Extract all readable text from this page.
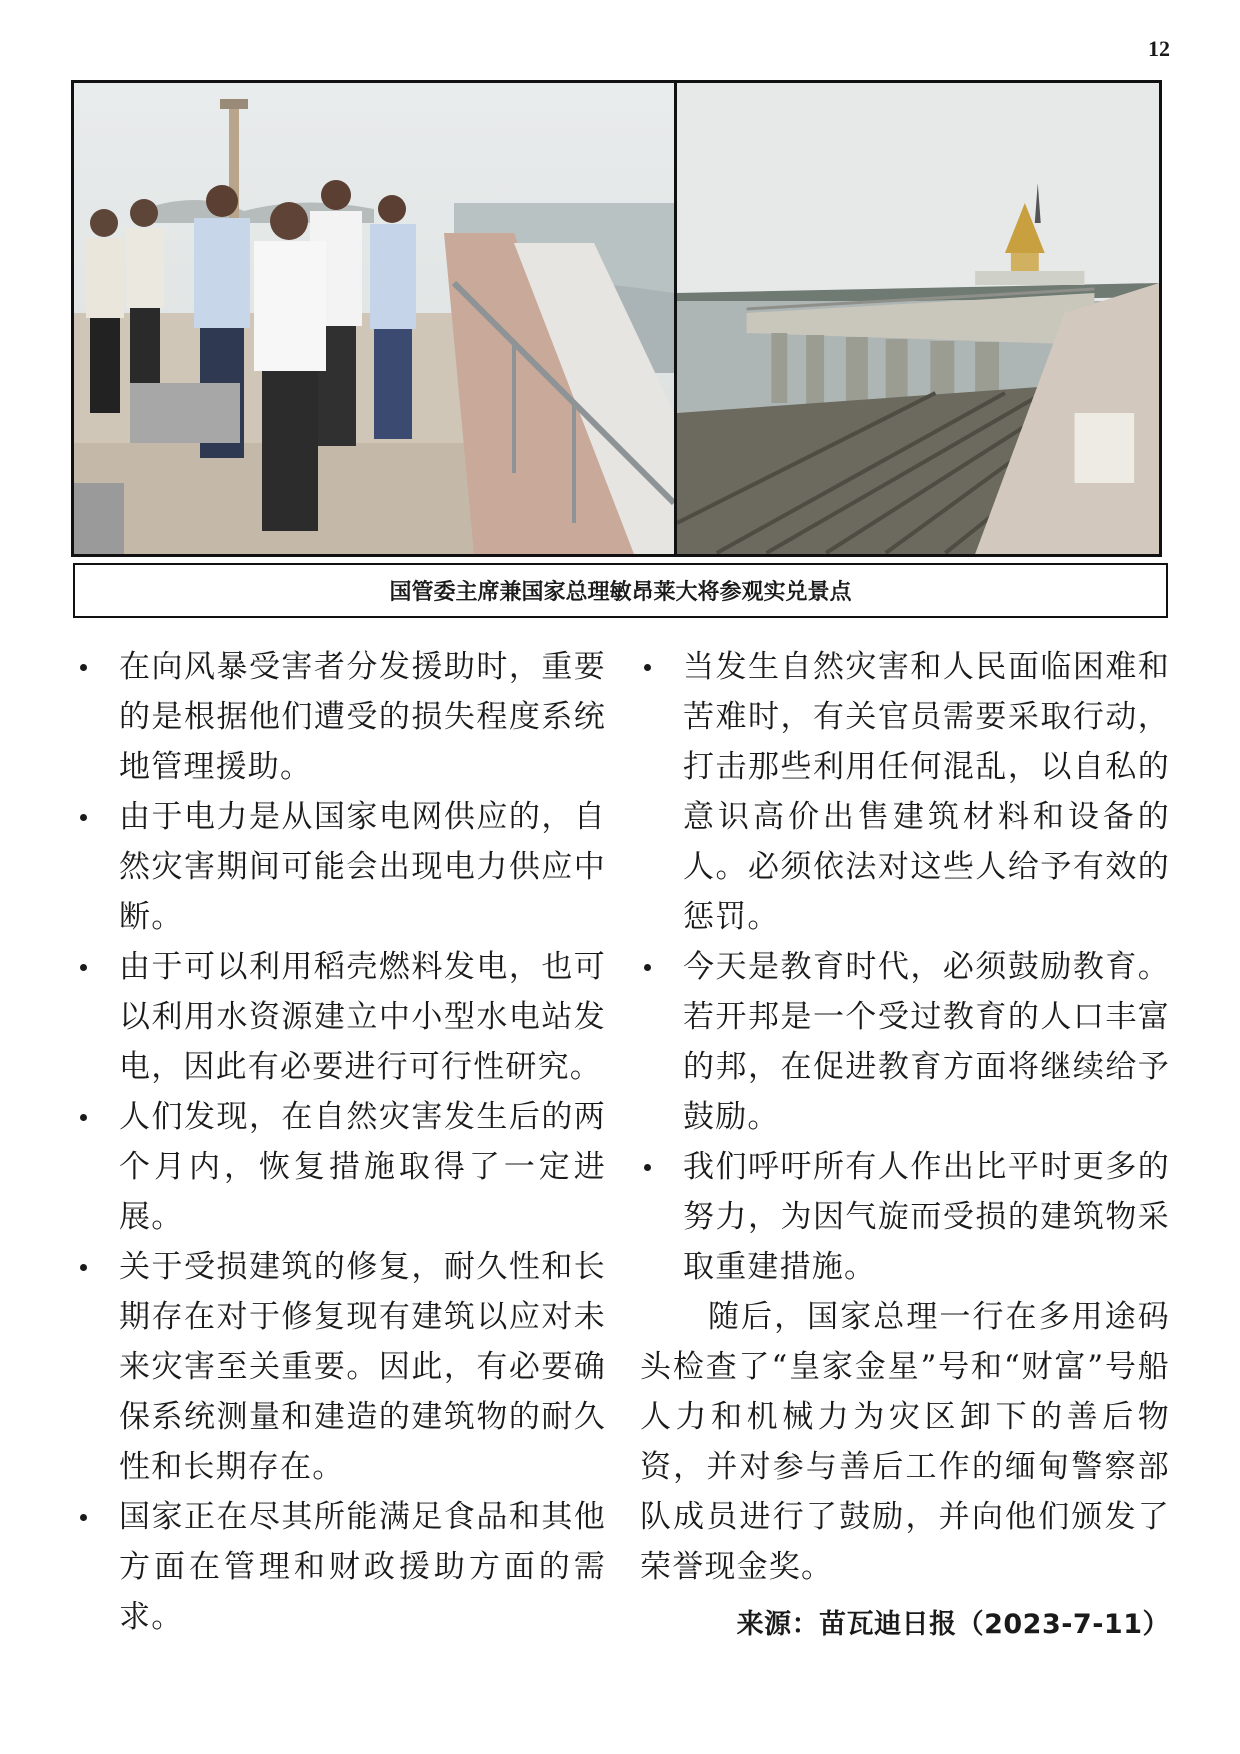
12
国管委主席兼国家总理敏昂莱大将参观实兑景点
在向风暴受害者分发援助时，重要的是根据他们遭受的损失程度系统地管理援助。
由于电力是从国家电网供应的，自然灾害期间可能会出现电力供应中断。
由于可以利用稻壳燃料发电，也可以利用水资源建立中小型水电站发电，因此有必要进行可行性研究。
人们发现，在自然灾害发生后的两个月内，恢复措施取得了一定进展。
关于受损建筑的修复，耐久性和长期存在对于修复现有建筑以应对未来灾害至关重要。因此，有必要确保系统测量和建造的建筑物的耐久性和长期存在。
国家正在尽其所能满足食品和其他方面在管理和财政援助方面的需求。
当发生自然灾害和人民面临困难和苦难时，有关官员需要采取行动，打击那些利用任何混乱，以自私的意识高价出售建筑材料和设备的人。必须依法对这些人给予有效的惩罚。
今天是教育时代，必须鼓励教育。若开邦是一个受过教育的人口丰富的邦，在促进教育方面将继续给予鼓励。
我们呼吁所有人作出比平时更多的努力，为因气旋而受损的建筑物采取重建措施。

随后，国家总理一行在多用途码头检查了“皇家金星”号和“财富”号船人力和机械力为灾区卸下的善后物资，并对参与善后工作的缅甸警察部队成员进行了鼓励，并向他们颁发了荣誉现金奖。

来源：苗瓦迪日报（2023-7-11）
